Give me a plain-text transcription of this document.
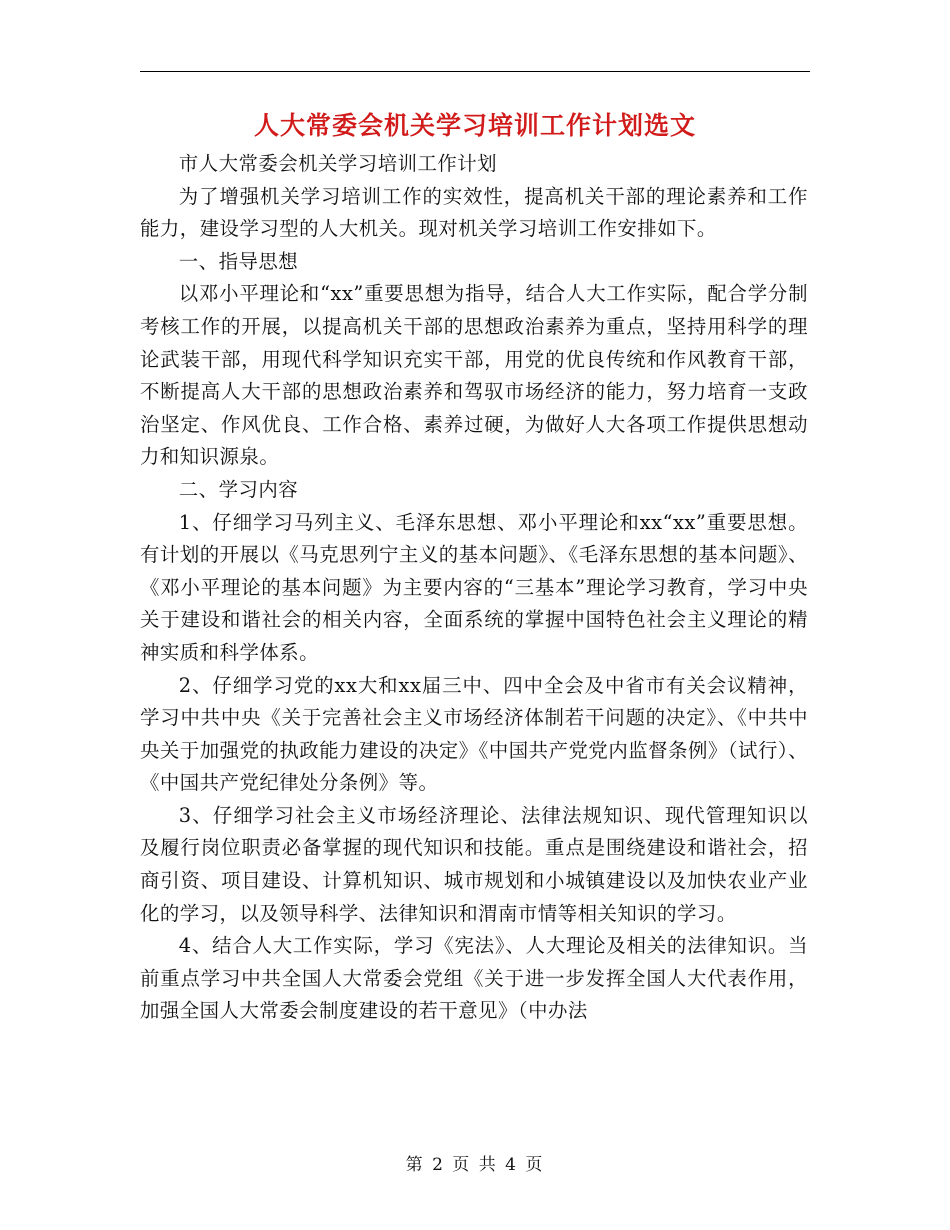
人大常委会机关学习培训工作计划选文

市人大常委会机关学习培训工作计划

为了增强机关学习培训工作的实效性，提高机关干部的理论素养和工作能力，建设学习型的人大机关。现对机关学习培训工作安排如下。

一、指导思想

以邓小平理论和“xx”重要思想为指导，结合人大工作实际，配合学分制考核工作的开展，以提高机关干部的思想政治素养为重点，坚持用科学的理论武装干部，用现代科学知识充实干部，用党的优良传统和作风教育干部，不断提高人大干部的思想政治素养和驾驭市场经济的能力，努力培育一支政治坚定、作风优良、工作合格、素养过硬，为做好人大各项工作提供思想动力和知识源泉。

二、学习内容

1、仔细学习马列主义、毛泽东思想、邓小平理论和xx“xx”重要思想。有计划的开展以《马克思列宁主义的基本问题》、《毛泽东思想的基本问题》、《邓小平理论的基本问题》为主要内容的“三基本”理论学习教育，学习中央关于建设和谐社会的相关内容，全面系统的掌握中国特色社会主义理论的精神实质和科学体系。

2、仔细学习党的xx大和xx届三中、四中全会及中省市有关会议精神，学习中共中央《关于完善社会主义市场经济体制若干问题的决定》、《中共中央关于加强党的执政能力建设的决定》《中国共产党党内监督条例》（试行）、《中国共产党纪律处分条例》等。

3、仔细学习社会主义市场经济理论、法律法规知识、现代管理知识以及履行岗位职责必备掌握的现代知识和技能。重点是围绕建设和谐社会，招商引资、项目建设、计算机知识、城市规划和小城镇建设以及加快农业产业化的学习，以及领导科学、法律知识和渭南市情等相关知识的学习。

4、结合人大工作实际，学习《宪法》、人大理论及相关的法律知识。当前重点学习中共全国人大常委会党组《关于进一步发挥全国人大代表作用，加强全国人大常委会制度建设的若干意见》（中办法

第 2 页 共 4 页
